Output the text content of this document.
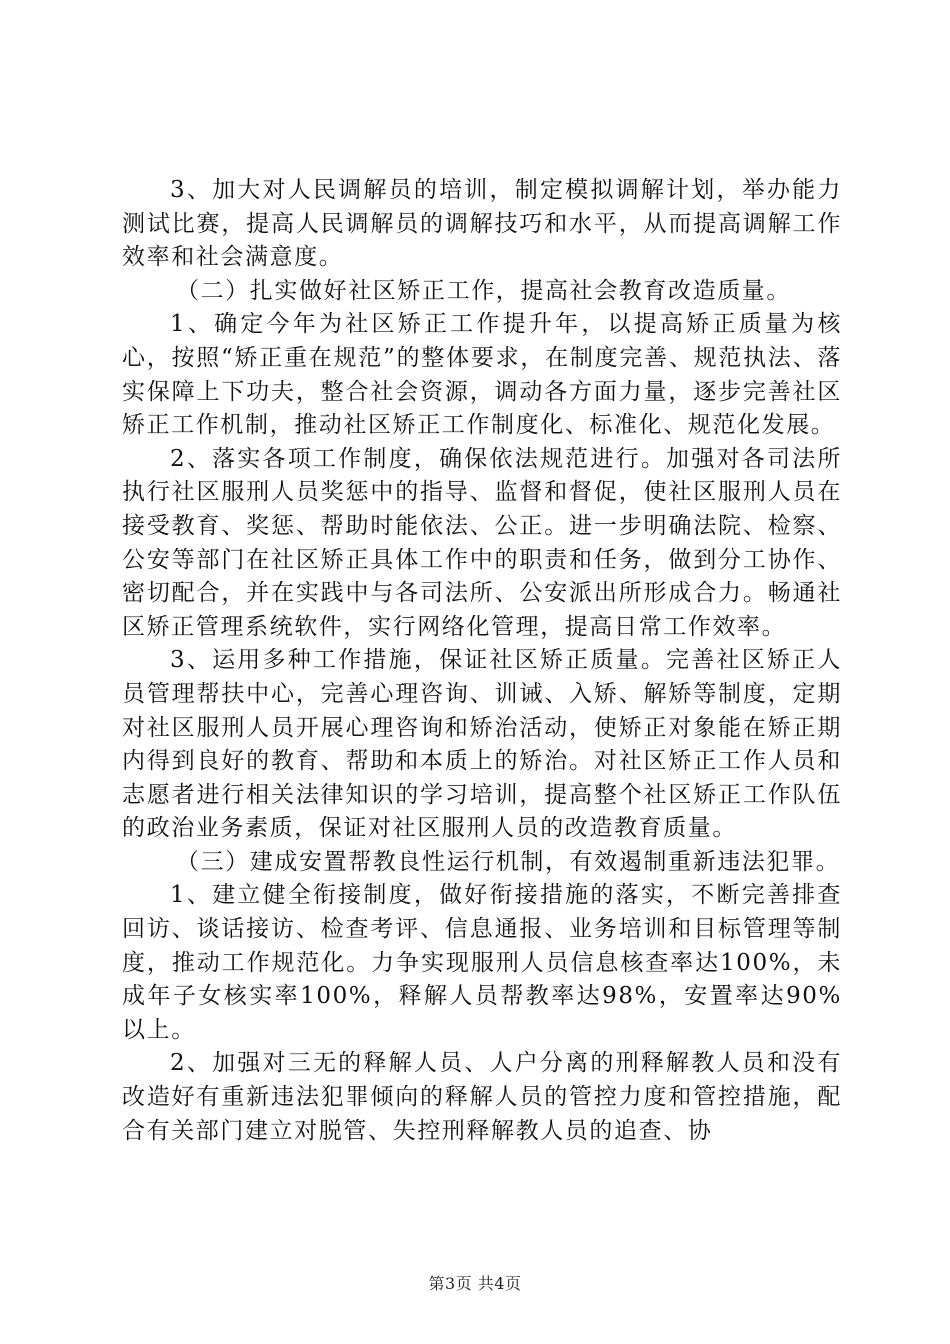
3、加大对人民调解员的培训，制定模拟调解计划，举办能力测试比赛，提高人民调解员的调解技巧和水平，从而提高调解工作效率和社会满意度。

（二）扎实做好社区矫正工作，提高社会教育改造质量。

1、确定今年为社区矫正工作提升年，以提高矫正质量为核心，按照“矫正重在规范”的整体要求，在制度完善、规范执法、落实保障上下功夫，整合社会资源，调动各方面力量，逐步完善社区矫正工作机制，推动社区矫正工作制度化、标准化、规范化发展。

2、落实各项工作制度，确保依法规范进行。加强对各司法所执行社区服刑人员奖惩中的指导、监督和督促，使社区服刑人员在接受教育、奖惩、帮助时能依法、公正。进一步明确法院、检察、公安等部门在社区矫正具体工作中的职责和任务，做到分工协作、密切配合，并在实践中与各司法所、公安派出所形成合力。畅通社区矫正管理系统软件，实行网络化管理，提高日常工作效率。

3、运用多种工作措施，保证社区矫正质量。完善社区矫正人员管理帮扶中心，完善心理咨询、训诫、入矫、解矫等制度，定期对社区服刑人员开展心理咨询和矫治活动，使矫正对象能在矫正期内得到良好的教育、帮助和本质上的矫治。对社区矫正工作人员和志愿者进行相关法律知识的学习培训，提高整个社区矫正工作队伍的政治业务素质，保证对社区服刑人员的改造教育质量。

（三）建成安置帮教良性运行机制，有效遏制重新违法犯罪。

1、建立健全衔接制度，做好衔接措施的落实，不断完善排查回访、谈话接访、检查考评、信息通报、业务培训和目标管理等制度，推动工作规范化。力争实现服刑人员信息核查率达100%，未成年子女核实率100%，释解人员帮教率达98%，安置率达90%以上。

2、加强对三无的释解人员、人户分离的刑释解教人员和没有改造好有重新违法犯罪倾向的释解人员的管控力度和管控措施，配合有关部门建立对脱管、失控刑释解教人员的追查、协

第3页 共4页
